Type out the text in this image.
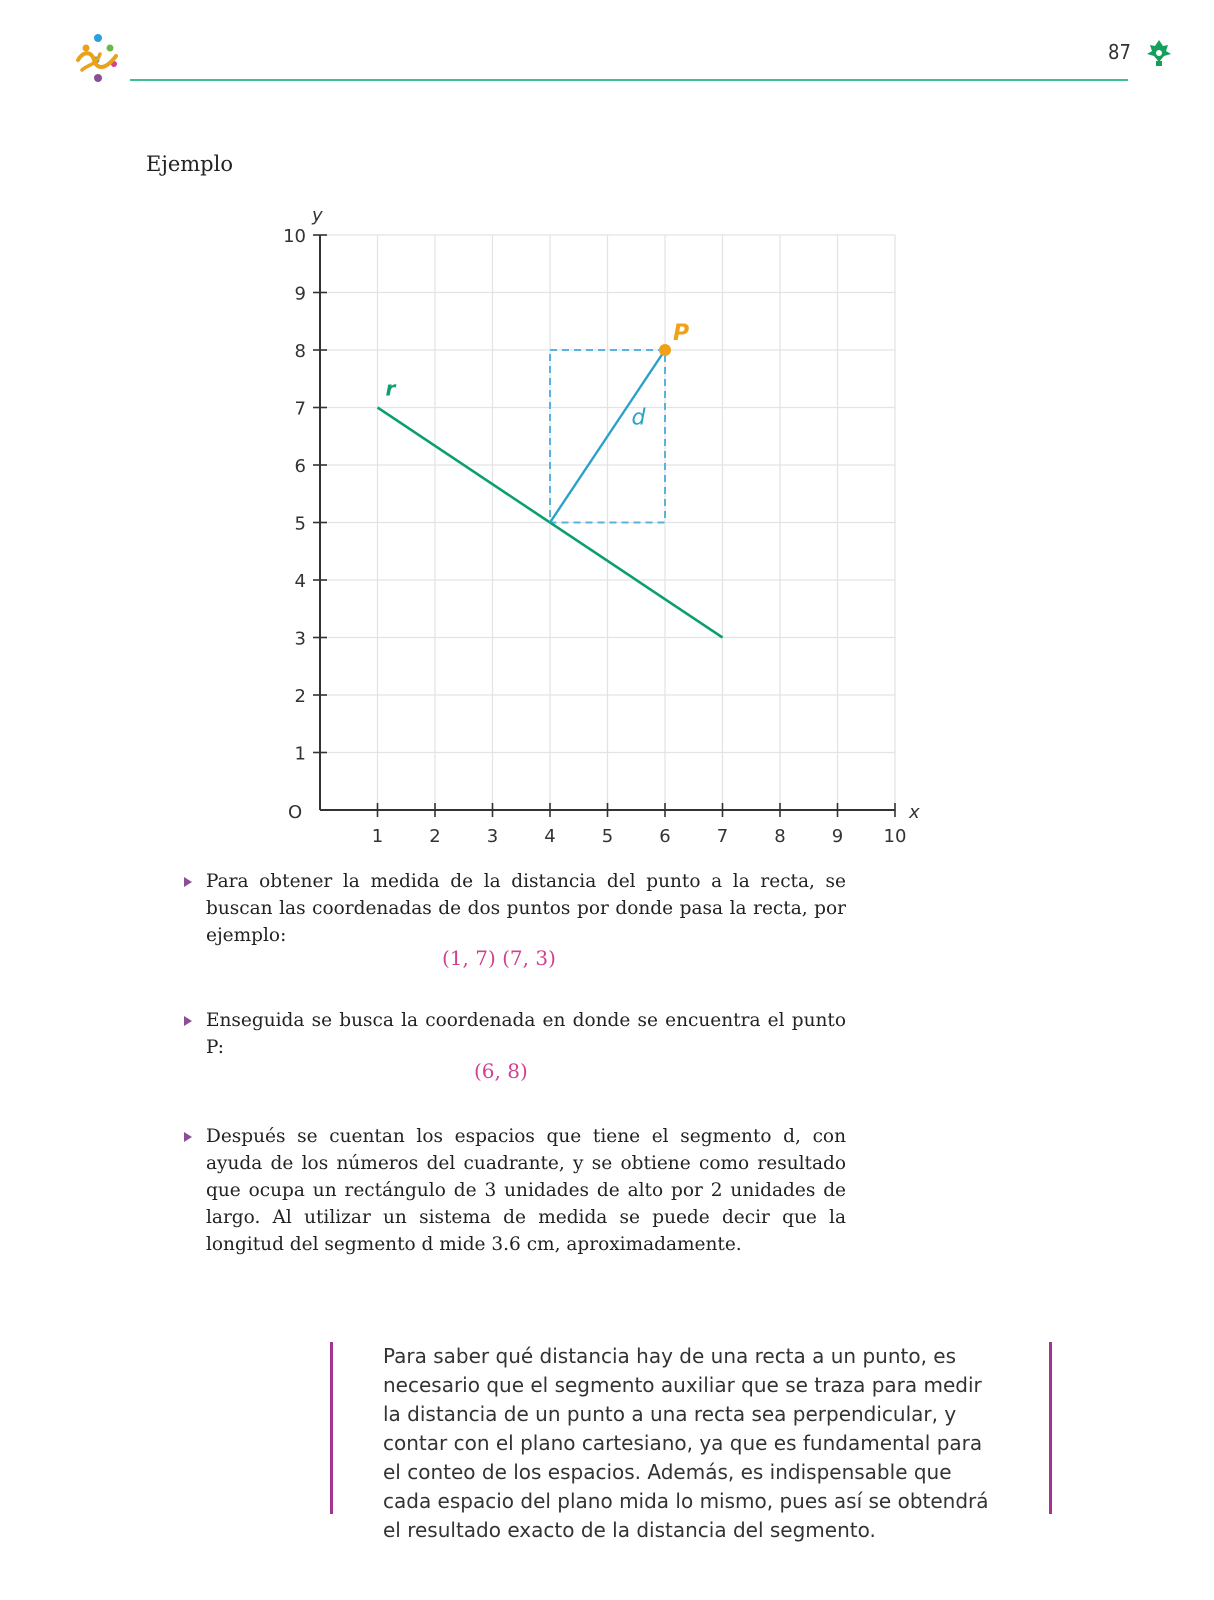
87
Ejemplo
x
y
O
1	2	3	4	5	6	7	8	9 10
1
2
3
4
5
6
7
8
9
10
r
d
P
Para obtener la medida de la distancia del punto a la recta, se buscan las coordenadas de dos puntos por donde pasa la recta, por ejemplo:
(1, 7) (7, 3)
Enseguida se busca la coordenada en donde se encuentra el punto P:
(6, 8)
Después se cuentan los espacios que tiene el segmento d, con ayuda de los números del cuadrante, y se obtiene como resultado que ocupa un rectángulo de 3 unidades de alto por 2 unidades de largo. Al utilizar un sistema de medida se puede decir que la longitud del segmento d mide 3.6 cm, aproximadamente.
Para saber qué distancia hay de una recta a un punto, es necesario que el segmento auxiliar que se traza para medir la distancia de un punto a una recta sea perpendicular, y contar con el plano cartesiano, ya que es fundamental para el conteo de los espacios. Además, es indispensable que cada espacio del plano mida lo mismo, pues así se obtendrá el resultado exacto de la distancia del segmento.
